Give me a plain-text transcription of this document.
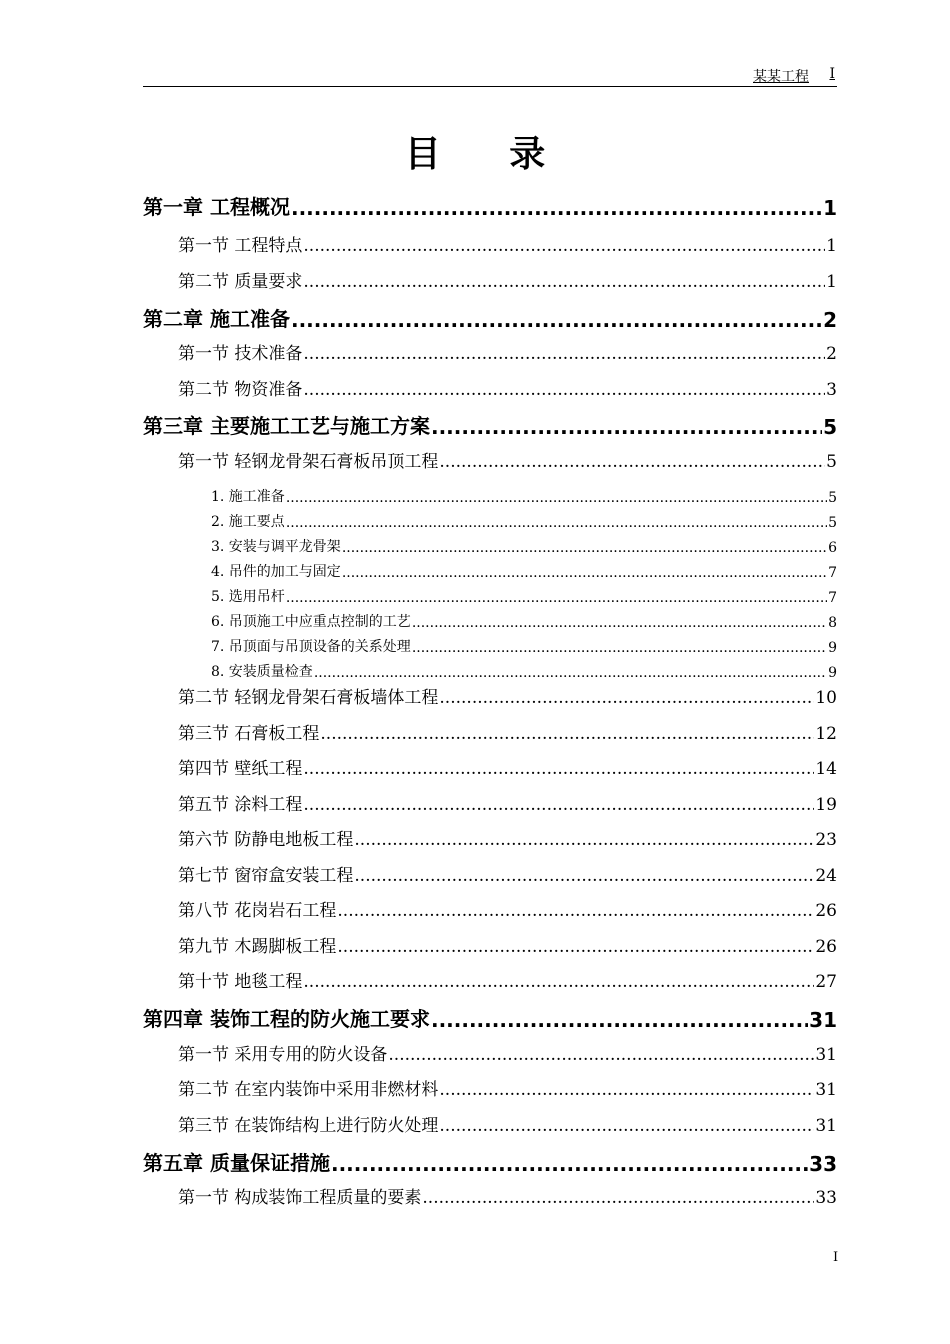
某某工程 I
目 录
第一章 工程概况 .....	1
第一节 工程特点 .....	1
第二节 质量要求 .....	1
第二章 施工准备 .....	2
第一节 技术准备 .....	2
第二节 物资准备 .....	3
第三章 主要施工工艺与施工方案 .....	5
第一节 轻钢龙骨架石膏板吊顶工程 .....	5
1. 施工准备 .....	5
2. 施工要点 .....	5
3. 安装与调平龙骨架 .....	6
4. 吊件的加工与固定 .....	7
5. 选用吊杆 .....	7
6. 吊顶施工中应重点控制的工艺 .....	8
7. 吊顶面与吊顶设备的关系处理 .....	9
8. 安装质量检查 .....	9
第二节 轻钢龙骨架石膏板墙体工程 .....	10
第三节 石膏板工程 .....	12
第四节 壁纸工程 .....	14
第五节 涂料工程 .....	19
第六节 防静电地板工程 .....	23
第七节 窗帘盒安装工程 .....	24
第八节 花岗岩石工程 .....	26
第九节 木踢脚板工程 .....	26
第十节 地毯工程 .....	27
第四章 装饰工程的防火施工要求 .....	31
第一节 采用专用的防火设备 .....	31
第二节 在室内装饰中采用非燃材料 .....	31
第三节 在装饰结构上进行防火处理 .....	31
第五章 质量保证措施 .....	33
第一节 构成装饰工程质量的要素 .....	33
I
